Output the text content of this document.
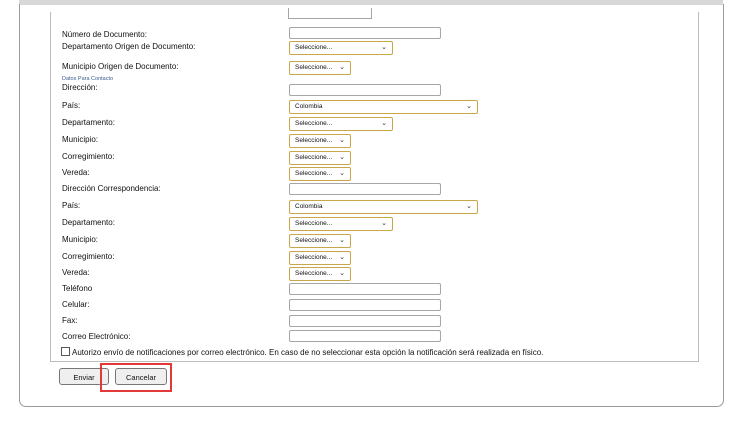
Número de Documento:
Departamento Origen de Documento:	Seleccione...	⌄
Municipio Origen de Documento:	Seleccione... ⌄
Datos Para Contacto
Dirección:
País:	Colombia	⌄
Departamento:	Seleccione...	⌄
Municipio:	Seleccione... ⌄
Corregimiento:	Seleccione... ⌄
Vereda:	Seleccione... ⌄
Dirección Correspondencia:
País:	Colombia	⌄
Departamento:	Seleccione...	⌄
Municipio:	Seleccione... ⌄
Corregimiento:	Seleccione... ⌄
Vereda:	Seleccione... ⌄
Teléfono
Celular:
Fax:
Correo Electrónico:
Autorizo envío de notificaciones por correo electrónico. En caso de no seleccionar esta opción la notificación será realizada en físico.
Enviar	Cancelar
